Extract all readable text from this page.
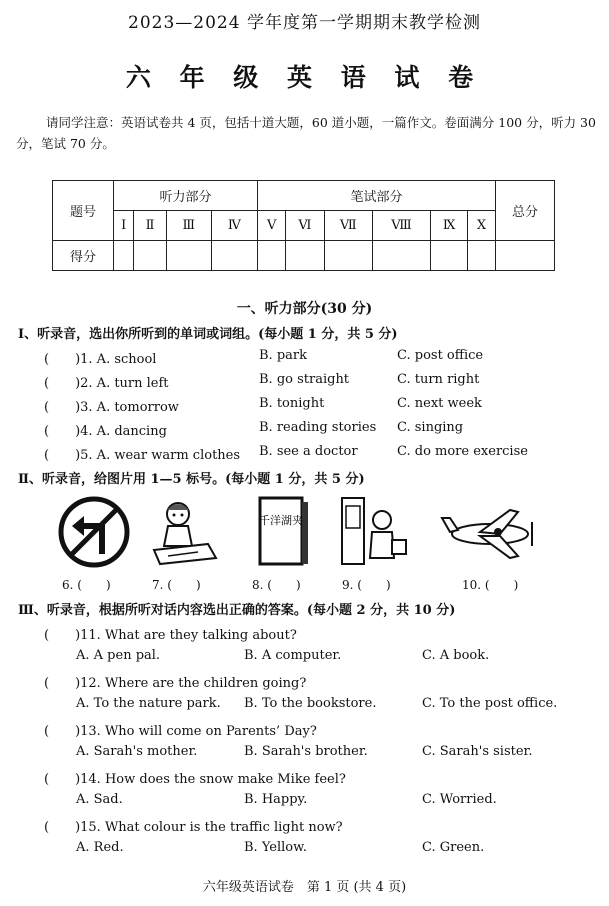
2023—2024 学年度第一学期期末教学检测
六 年 级 英 语 试 卷
请同学注意：英语试卷共 4 页，包括十道大题，60 道小题，一篇作文。卷面满分 100 分，听力 30 分，笔试 70 分。
题号	听力部分				笔试部分						总分
	Ⅰ	Ⅱ	Ⅲ	Ⅳ	Ⅴ	Ⅵ	Ⅶ	Ⅷ	Ⅸ	Ⅹ	
得分											
一、听力部分(30 分)
Ⅰ、听录音，选出你所听到的单词或词组。(每小题 1 分，共 5 分)
(　　)1. A. school	B. park	C. post office
(　　)2. A. turn left	B. go straight	C. turn right
(　　)3. A. tomorrow	B. tonight	C. next week
(　　)4. A. dancing	B. reading stories C. singing
(　　)5. A. wear warm clothes B. see a doctor	C. do more exercise
Ⅱ、听录音，给图片用 1—5 标号。(每小题 1 分，共 5 分)
千洋湖夹
6. (　　)	7. (　　)	8. (　　)	9. (　　)	10. (　　)
Ⅲ、听录音，根据所听对话内容选出正确的答案。(每小题 2 分，共 10 分)
(　　)11. What are they talking about?
A. A pen pal.	B. A computer.	C. A book.
(　　)12. Where are the children going?
A. To the nature park. B. To the bookstore.	C. To the post office.
(　　)13. Who will come on Parents’ Day?
A. Sarah's mother.	B. Sarah's brother.	C. Sarah's sister.
(　　)14. How does the snow make Mike feel?
A. Sad.	B. Happy.	C. Worried.
(　　)15. What colour is the traffic light now?
A. Red.	B. Yellow.	C. Green.
六年级英语试卷　第 1 页 (共 4 页)
